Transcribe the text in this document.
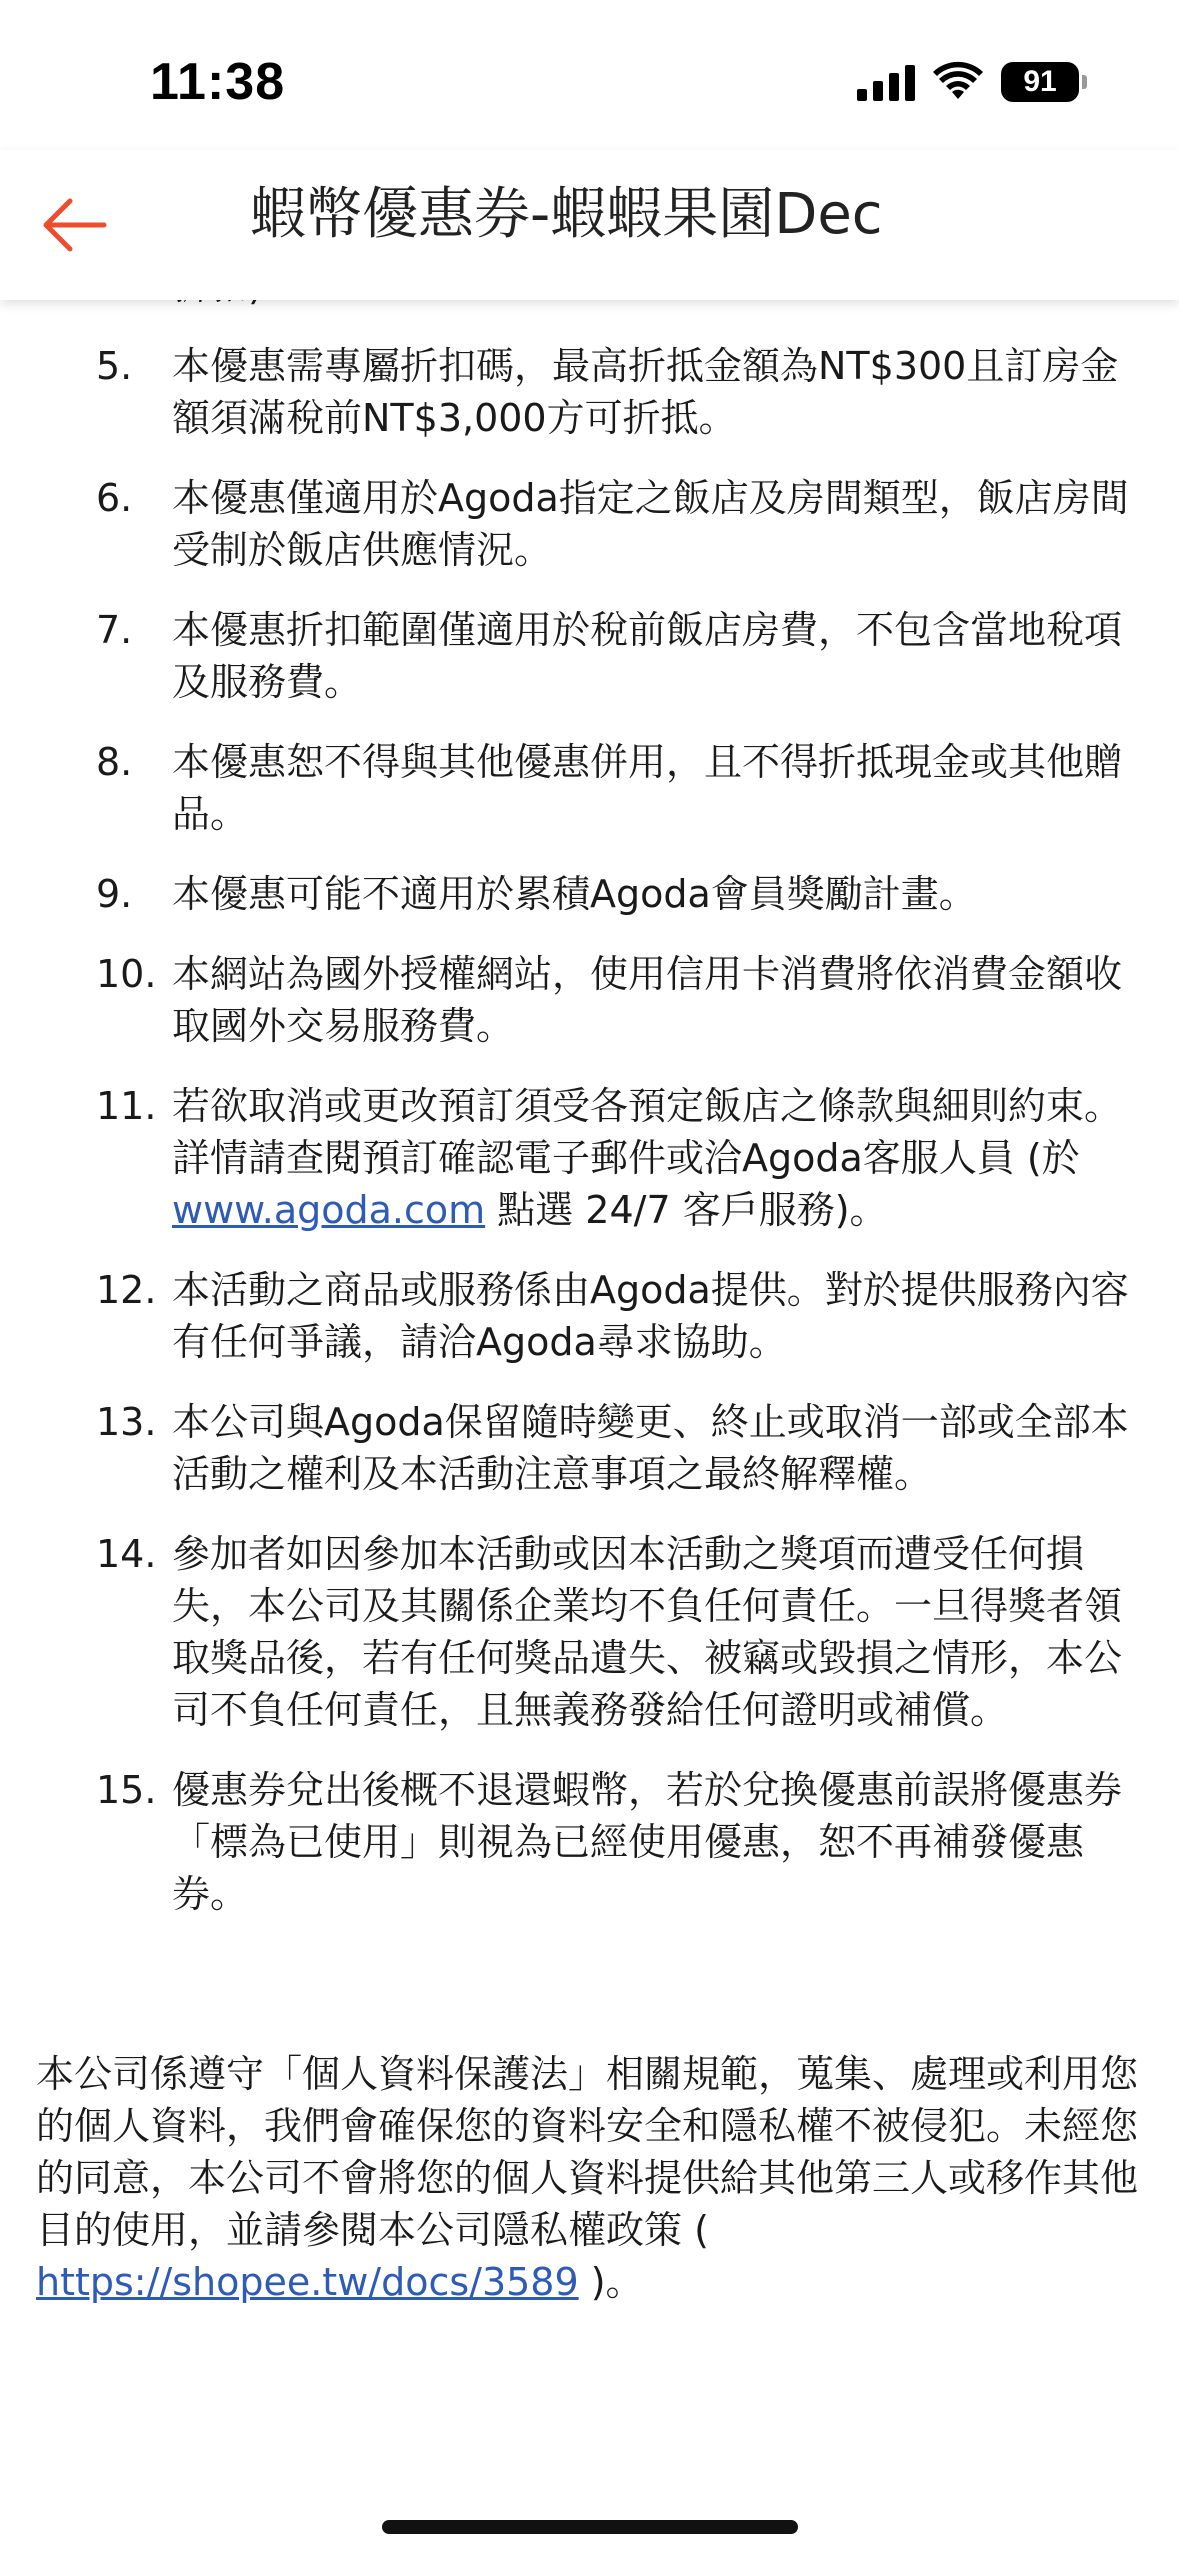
11:38	91
蝦幣優惠券-蝦蝦果園Dec
5. 本優惠需專屬折扣碼，最高折抵金額為NT$300且訂房金額須滿稅前NT$3,000方可折抵。
6. 本優惠僅適用於Agoda指定之飯店及房間類型，飯店房間受制於飯店供應情況。
7. 本優惠折扣範圍僅適用於稅前飯店房費，不包含當地稅項及服務費。
8. 本優惠恕不得與其他優惠併用，且不得折抵現金或其他贈品。
9. 本優惠可能不適用於累積Agoda會員獎勵計畫。
10. 本網站為國外授權網站，使用信用卡消費將依消費金額收取國外交易服務費。
11. 若欲取消或更改預訂須受各預定飯店之條款與細則約束。詳情請查閱預訂確認電子郵件或洽Agoda客服人員 (於 www.agoda.com 點選 24/7 客戶服務)。
12. 本活動之商品或服務係由Agoda提供。對於提供服務內容有任何爭議，請洽Agoda尋求協助。
13. 本公司與Agoda保留隨時變更、終止或取消一部或全部本活動之權利及本活動注意事項之最終解釋權。
14. 參加者如因參加本活動或因本活動之獎項而遭受任何損失，本公司及其關係企業均不負任何責任。一旦得獎者領取獎品後，若有任何獎品遺失、被竊或毀損之情形，本公司不負任何責任，且無義務發給任何證明或補償。
15. 優惠券兌出後概不退還蝦幣，若於兌換優惠前誤將優惠券「標為已使用」則視為已經使用優惠，恕不再補發優惠券。

本公司係遵守「個人資料保護法」相關規範，蒐集、處理或利用您的個人資料，我們會確保您的資料安全和隱私權不被侵犯。未經您的同意，本公司不會將您的個人資料提供給其他第三人或移作其他目的使用，並請參閱本公司隱私權政策 ( https://shopee.tw/docs/3589 )。
